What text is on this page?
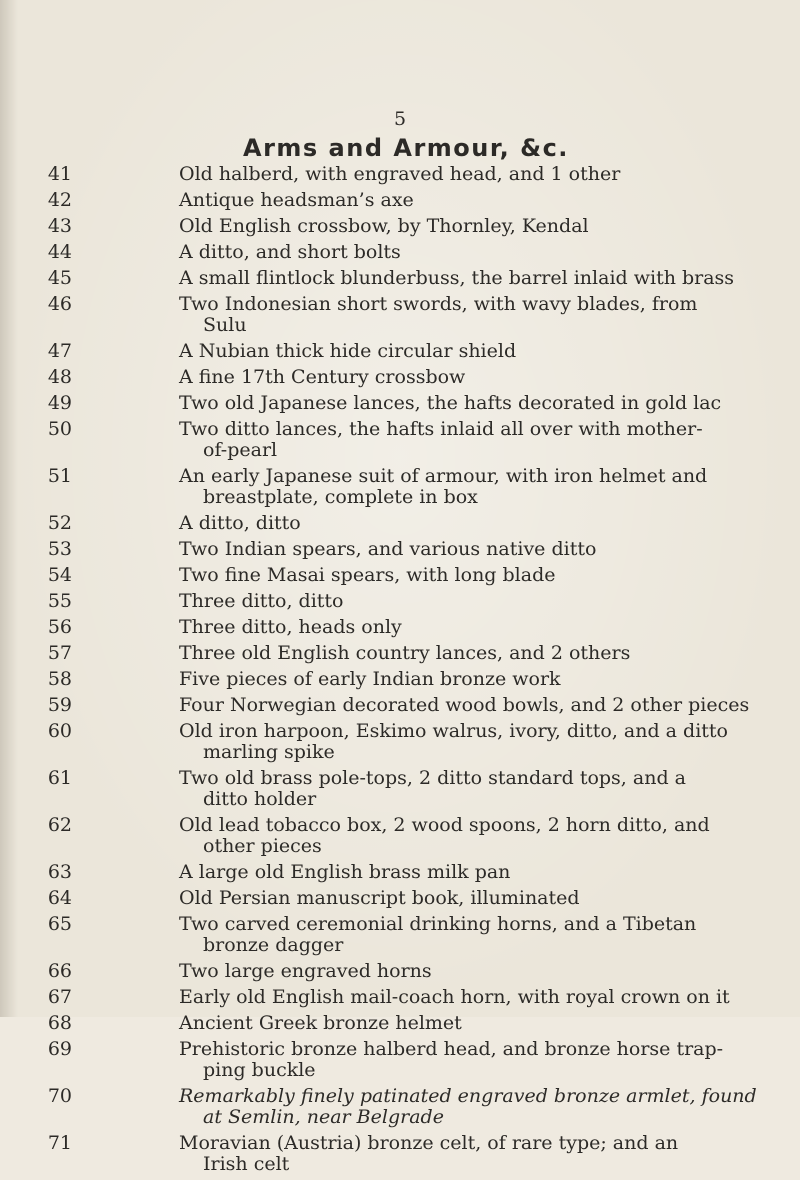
5
Arms and Armour, &c.
41	Old halberd, with engraved head, and 1 other
42	Antique headsman’s axe
43	Old English crossbow, by Thornley, Kendal
44	A ditto, and short bolts
45	A small flintlock blunderbuss, the barrel inlaid with brass
46	Two Indonesian short swords, with wavy blades, from
Sulu
47	A Nubian thick hide circular shield
48	A fine 17th Century crossbow
49	Two old Japanese lances, the hafts decorated in gold lac
50	Two ditto lances, the hafts inlaid all over with mother-
of-pearl
51	An early Japanese suit of armour, with iron helmet and
breastplate, complete in box
52	A ditto, ditto
53	Two Indian spears, and various native ditto
54	Two fine Masai spears, with long blade
55	Three ditto, ditto
56	Three ditto, heads only
57	Three old English country lances, and 2 others
58	Five pieces of early Indian bronze work
59	Four Norwegian decorated wood bowls, and 2 other pieces
60	Old iron harpoon, Eskimo walrus, ivory, ditto, and a ditto
marling spike
61	Two old brass pole-tops, 2 ditto standard tops, and a
ditto holder
62	Old lead tobacco box, 2 wood spoons, 2 horn ditto, and
other pieces
63	A large old English brass milk pan
64	Old Persian manuscript book, illuminated
65	Two carved ceremonial drinking horns, and a Tibetan
bronze dagger
66	Two large engraved horns
67	Early old English mail-coach horn, with royal crown on it
68	Ancient Greek bronze helmet
69	Prehistoric bronze halberd head, and bronze horse trap-
ping buckle
70	Remarkably finely patinated engraved bronze armlet, found
at Semlin, near Belgrade
71	Moravian (Austria) bronze celt, of rare type; and an
Irish celt
